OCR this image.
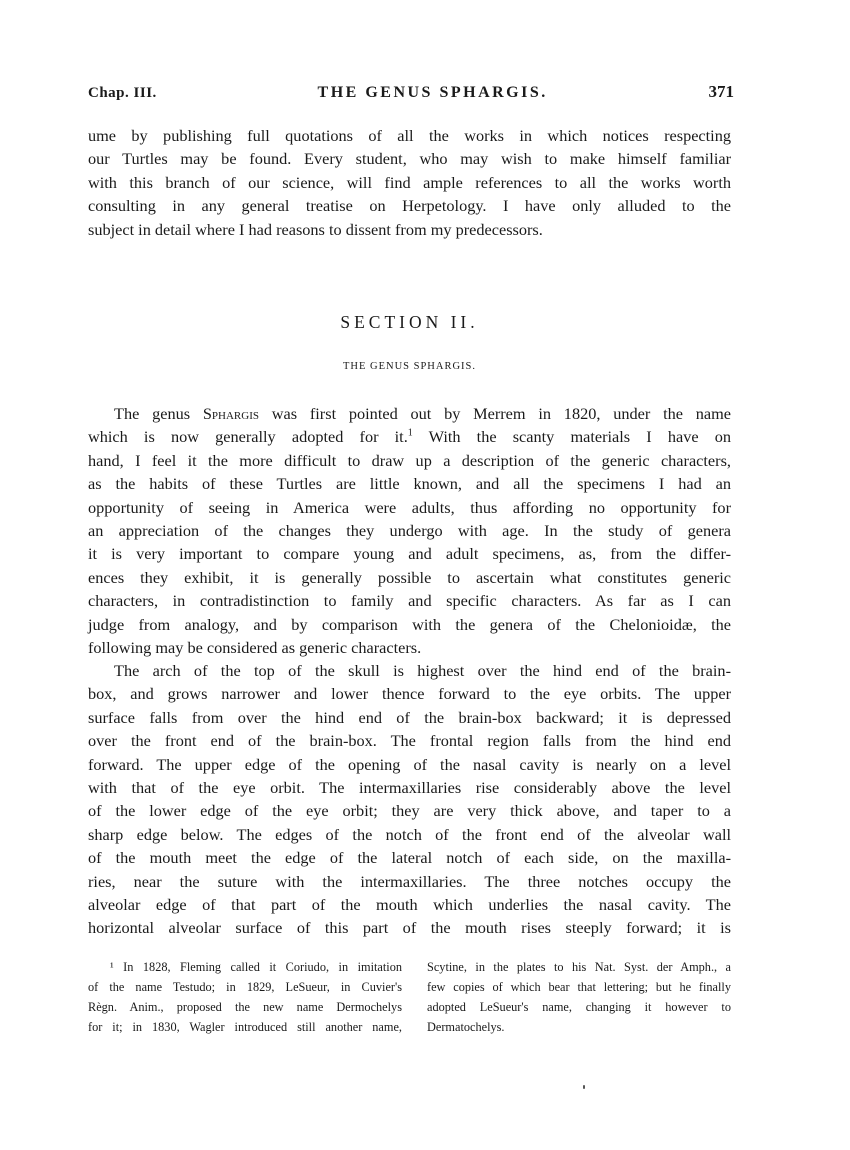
Chap. III.	THE GENUS SPHARGIS.	371
ume by publishing full quotations of all the works in which notices respecting
our Turtles may be found. Every student, who may wish to make himself familiar
with this branch of our science, will find ample references to all the works worth
consulting in any general treatise on Herpetology. I have only alluded to the
subject in detail where I had reasons to dissent from my predecessors.
SECTION II.
THE GENUS SPHARGIS.
The genus Sphargis was first pointed out by Merrem in 1820, under the name
which is now generally adopted for it.$^1$ With the scanty materials I have on
hand, I feel it the more difficult to draw up a description of the generic characters,
as the habits of these Turtles are little known, and all the specimens I had an
opportunity of seeing in America were adults, thus affording no opportunity for
an appreciation of the changes they undergo with age. In the study of genera
it is very important to compare young and adult specimens, as, from the differ-
ences they exhibit, it is generally possible to ascertain what constitutes generic
characters, in contradistinction to family and specific characters. As far as I can
judge from analogy, and by comparison with the genera of the Chelonioidæ, the
following may be considered as generic characters.
The arch of the top of the skull is highest over the hind end of the brain-
box, and grows narrower and lower thence forward to the eye orbits. The upper
surface falls from over the hind end of the brain-box backward; it is depressed
over the front end of the brain-box. The frontal region falls from the hind end
forward. The upper edge of the opening of the nasal cavity is nearly on a level
with that of the eye orbit. The intermaxillaries rise considerably above the level
of the lower edge of the eye orbit; they are very thick above, and taper to a
sharp edge below. The edges of the notch of the front end of the alveolar wall
of the mouth meet the edge of the lateral notch of each side, on the maxilla-
ries, near the suture with the intermaxillaries. The three notches occupy the
alveolar edge of that part of the mouth which underlies the nasal cavity. The
horizontal alveolar surface of this part of the mouth rises steeply forward; it is
¹ In 1828, Fleming called it Coriudo, in imitation
of the name Testudo; in 1829, LeSueur, in Cuvier's
Règn. Anim., proposed the new name Dermochelys
for it; in 1830, Wagler introduced still another name,
Scytine, in the plates to his Nat. Syst. der Amph., a
few copies of which bear that lettering; but he finally
adopted LeSueur's name, changing it however to
Dermatochelys.
